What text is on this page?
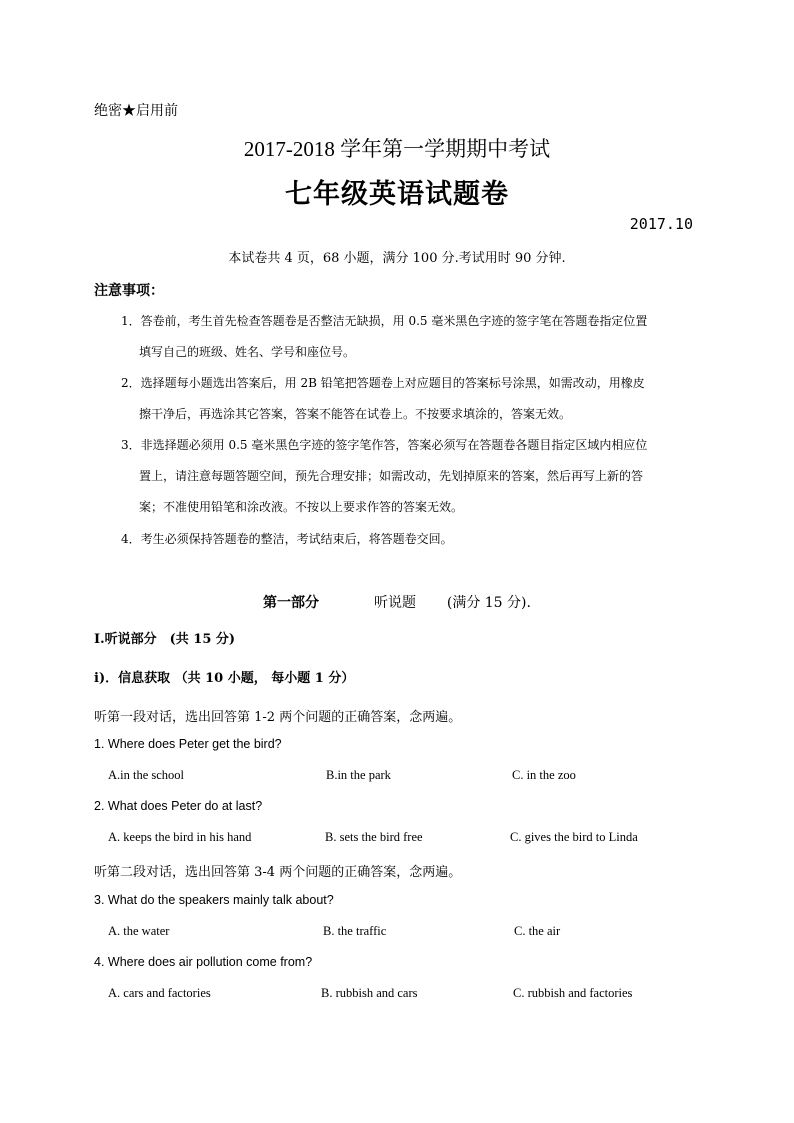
绝密★启用前
2017-2018 学年第一学期期中考试
七年级英语试题卷
2017.10
本试卷共 4 页，68 小题，满分 100 分.考试用时 90 分钟.
注意事项：
1．答卷前，考生首先检查答题卷是否整洁无缺损，用 0.5 毫米黑色字迹的签字笔在答题卷指定位置
填写自己的班级、姓名、学号和座位号。
2．选择题每小题选出答案后，用 2B 铅笔把答题卷上对应题目的答案标号涂黑，如需改动，用橡皮
擦干净后，再选涂其它答案，答案不能答在试卷上。不按要求填涂的，答案无效。
3．非选择题必须用 0.5 毫米黑色字迹的签字笔作答，答案必须写在答题卷各题目指定区域内相应位
置上，请注意每题答题空间，预先合理安排；如需改动，先划掉原来的答案，然后再写上新的答
案；不准使用铅笔和涂改液。不按以上要求作答的答案无效。
4．考生必须保持答题卷的整洁，考试结束后，将答题卷交回。
第一部分	听说题 (满分 15 分).
I.听说部分　(共 15 分)
i)．信息获取 （共 10 小题， 每小题 1 分）
听第一段对话，选出回答第 1-2 两个问题的正确答案，念两遍。
1. Where does Peter get the bird?
A.in the school	B.in the park	C. in the zoo
2. What does Peter do at last?
A. keeps the bird in his hand	B. sets the bird free	C. gives the bird to Linda
听第二段对话，选出回答第 3-4 两个问题的正确答案，念两遍。
3. What do the speakers mainly talk about?
A. the water	B. the traffic	C. the air
4. Where does air pollution come from?
A. cars and factories	B. rubbish and cars	C. rubbish and factories
